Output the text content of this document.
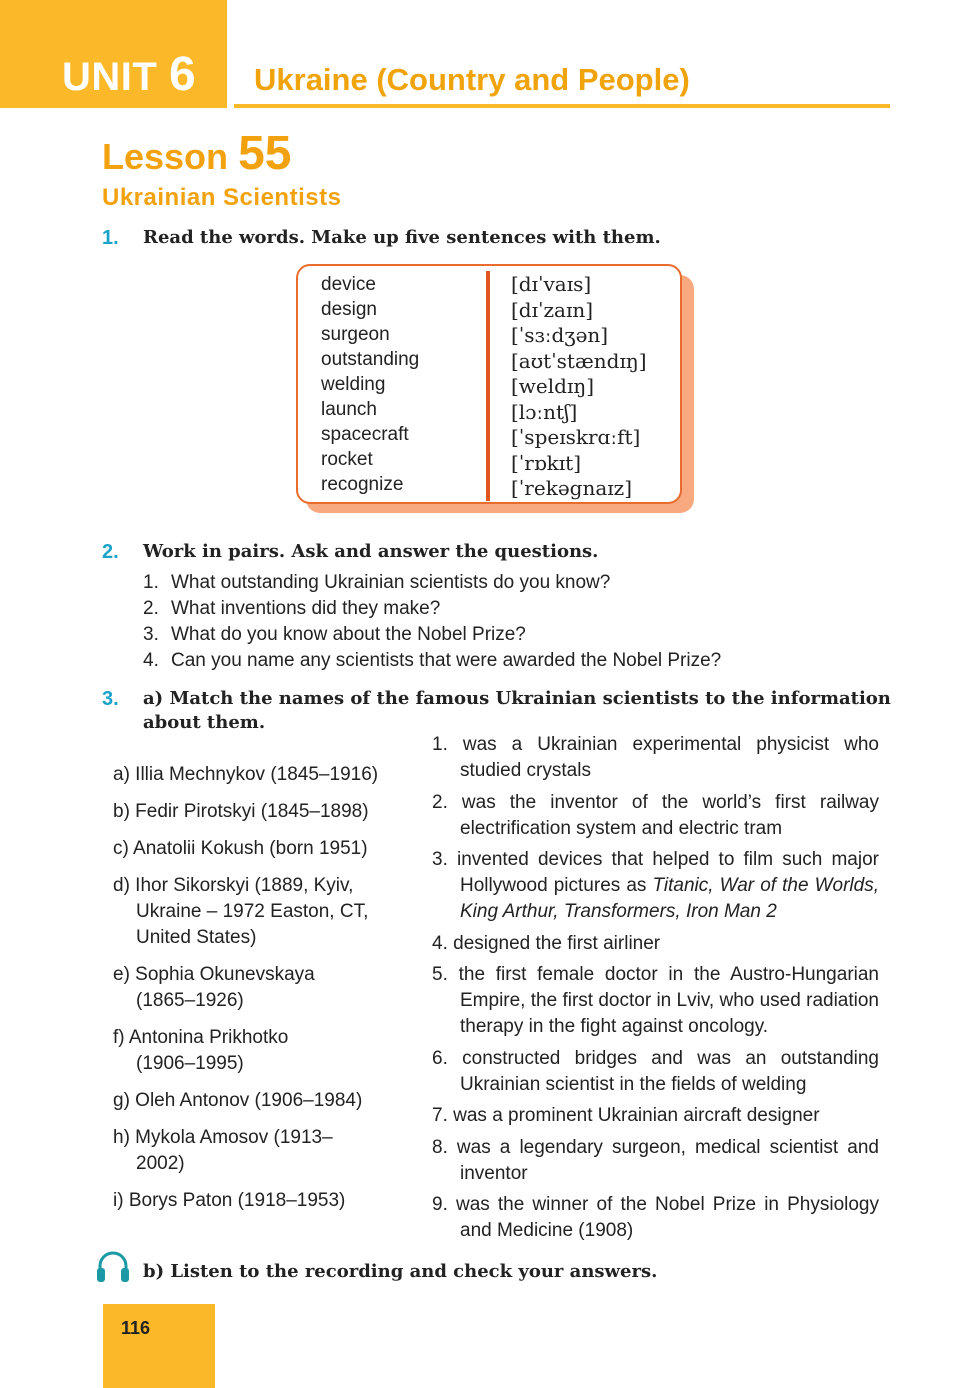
UNIT 6 Ukraine (Country and People)
Lesson 55
Ukrainian Scientists
1. Read the words. Make up five sentences with them.
device
design
surgeon
outstanding
welding
launch
spacecraft
rocket
recognize
[dɪˈvaɪs]
[dɪˈzaɪn]
[ˈsɜːdʒən]
[aʊtˈstændɪŋ]
[weldɪŋ]
[lɔːntʃ]
[ˈspeɪskrɑːft]
[ˈrɒkɪt]
[ˈrekəgnaɪz]
2. Work in pairs. Ask and answer the questions.
1. What outstanding Ukrainian scientists do you know?
2. What inventions did they make?
3. What do you know about the Nobel Prize?
4. Can you name any scientists that were awarded the Nobel Prize?
3. a) Match the names of the famous Ukrainian scientists to the information about them.
a) Illia Mechnykov (1845–1916)
b) Fedir Pirotskyi (1845–1898)
c) Anatolii Kokush (born 1951)
d) Ihor Sikorskyi (1889, Kyiv, Ukraine – 1972 Easton, CT, United States)
e) Sophia Okunevskaya (1865–1926)
f) Antonina Prikhotko (1906–1995)
g) Oleh Antonov (1906–1984)
h) Mykola Amosov (1913–2002)
i) Borys Paton (1918–1953)
1. was a Ukrainian experimental physicist who studied crystals
2. was the inventor of the world’s first railway electrification system and electric tram
3. invented devices that helped to film such major Hollywood pictures as Titanic, War of the Worlds, King Arthur, Transformers, Iron Man 2
4. designed the first airliner
5. the first female doctor in the Austro-Hungarian Empire, the first doctor in Lviv, who used radiation therapy in the fight against oncology.
6. constructed bridges and was an outstanding Ukrainian scientist in the fields of welding
7. was a prominent Ukrainian aircraft designer
8. was a legendary surgeon, medical scientist and inventor
9. was the winner of the Nobel Prize in Physiology and Medicine (1908)
b) Listen to the recording and check your answers.
116
